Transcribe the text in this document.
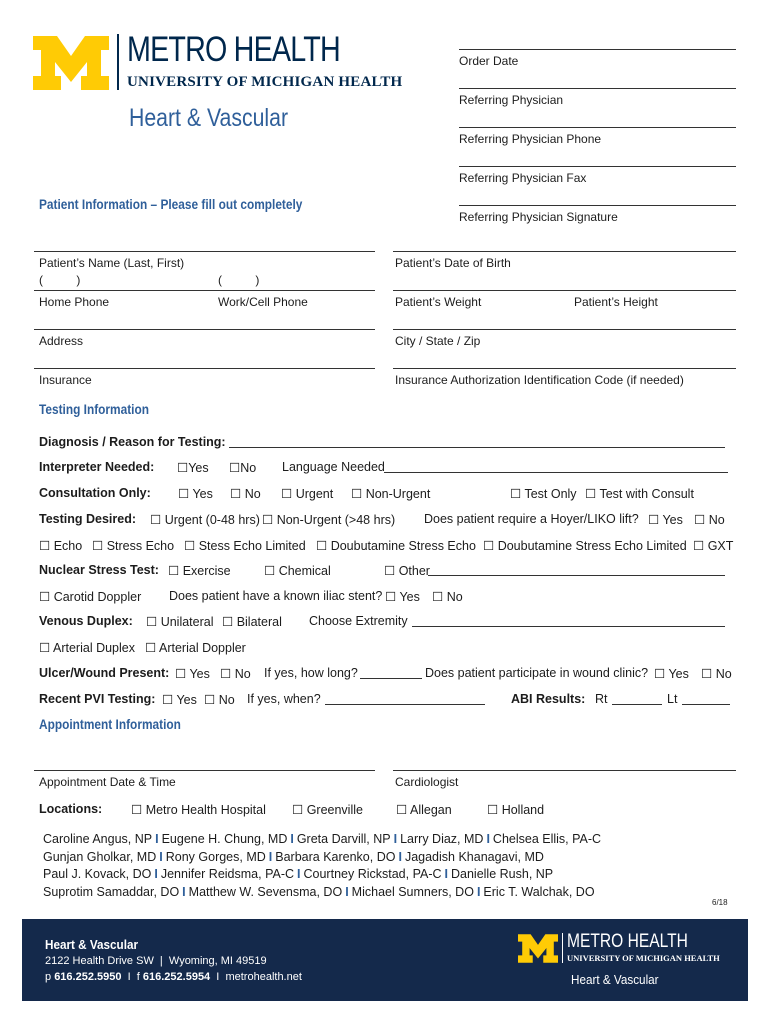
METRO HEALTH
UNIVERSITY OF MICHIGAN HEALTH
Heart & Vascular
Order Date
Referring Physician
Referring Physician Phone
Referring Physician Fax
Referring Physician Signature
Patient Information – Please fill out completely
Patient’s Name (Last, First)	Patient’s Date of Birth
(          )	(          )
Home Phone	Work/Cell Phone	Patient’s Weight	Patient’s Height
Address	City / State / Zip
Insurance	Insurance Authorization Identification Code (if needed)
Testing Information
Diagnosis / Reason for Testing:
Interpreter Needed: ☐Yes ☐No Language Needed
Consultation Only: ☐ Yes ☐ No ☐ Urgent ☐ Non-Urgent	☐ Test Only ☐ Test with Consult
Testing Desired: ☐ Urgent (0-48 hrs) ☐ Non-Urgent (>48 hrs) Does patient require a Hoyer/LIKO lift? ☐ Yes ☐ No
☐ Echo ☐ Stress Echo ☐ Stess Echo Limited ☐ Doubutamine Stress Echo ☐ Doubutamine Stress Echo Limited ☐ GXT
Nuclear Stress Test: ☐ Exercise	☐ Chemical	☐ Other
☐ Carotid Doppler Does patient have a known iliac stent? ☐ Yes ☐ No
Venous Duplex: ☐ Unilateral ☐ Bilateral Choose Extremity
☐ Arterial Duplex ☐ Arterial Doppler
Ulcer/Wound Present: ☐ Yes ☐ No If yes, how long?	Does patient participate in wound clinic? ☐ Yes ☐ No
Recent PVI Testing: ☐ Yes ☐ No If yes, when?	ABI Results: Rt	Lt
Appointment Information
Appointment Date & Time	Cardiologist
Locations: ☐ Metro Health Hospital ☐ Greenville	☐ Allegan	☐ Holland
Caroline Angus, NP I Eugene H. Chung, MD I Greta Darvill, NP I Larry Diaz, MD I Chelsea Ellis, PA-C
Gunjan Gholkar, MD I Rony Gorges, MD I Barbara Karenko, DO I Jagadish Khanagavi, MD
Paul J. Kovack, DO I Jennifer Reidsma, PA-C I Courtney Rickstad, PA-C I Danielle Rush, NP
Suprotim Samaddar, DO I Matthew W. Sevensma, DO I Michael Sumners, DO I Eric T. Walchak, DO
6/18
Heart & Vascular
2122 Health Drive SW  |  Wyoming, MI 49519
p 616.252.5950  I  f 616.252.5954  I  metrohealth.net
METRO HEALTH
UNIVERSITY OF MICHIGAN HEALTH
Heart & Vascular
